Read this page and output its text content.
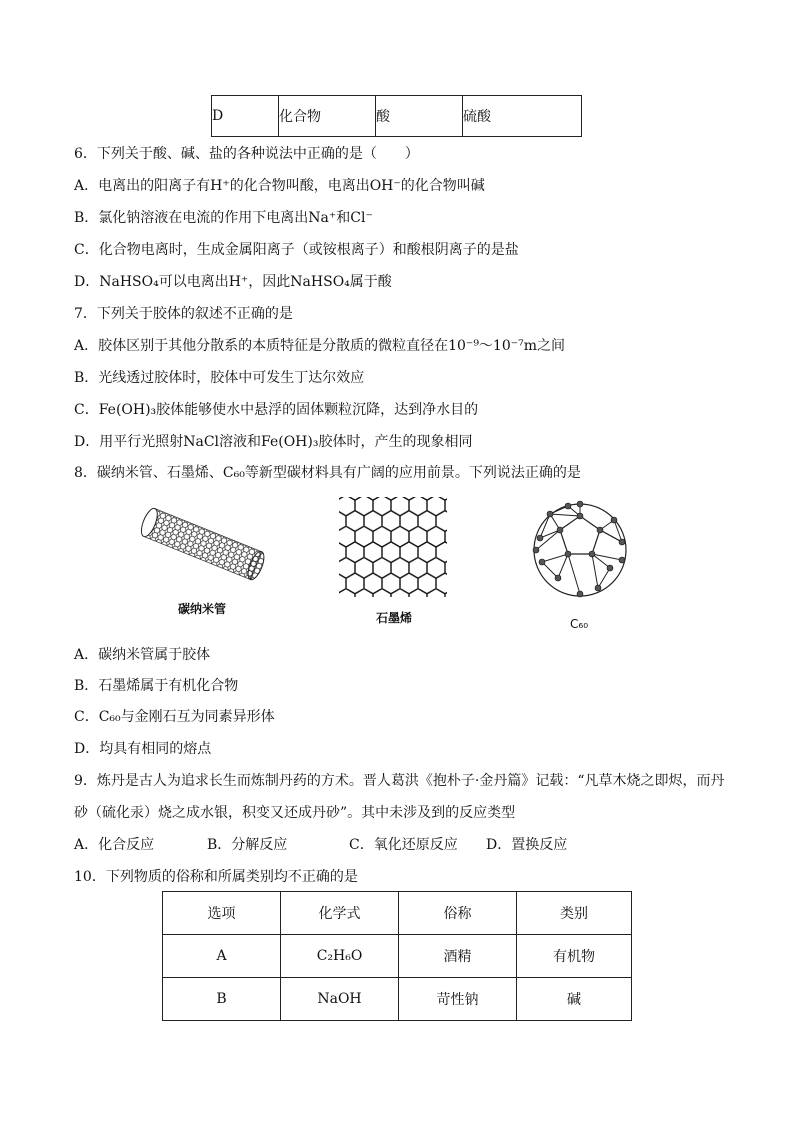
D	化合物	酸	硫酸
6．下列关于酸、碱、盐的各种说法中正确的是（　　）
A．电离出的阳离子有H⁺的化合物叫酸，电离出OH⁻的化合物叫碱
B．氯化钠溶液在电流的作用下电离出Na⁺和Cl⁻
C．化合物电离时，生成金属阳离子（或铵根离子）和酸根阴离子的是盐
D．NaHSO₄可以电离出H⁺，因此NaHSO₄属于酸
7．下列关于胶体的叙述不正确的是
A．胶体区别于其他分散系的本质特征是分散质的微粒直径在10⁻⁹～10⁻⁷m之间
B．光线透过胶体时，胶体中可发生丁达尔效应
C．Fe(OH)₃胶体能够使水中悬浮的固体颗粒沉降，达到净水目的
D．用平行光照射NaCl溶液和Fe(OH)₃胶体时，产生的现象相同
8．碳纳米管、石墨烯、C₆₀等新型碳材料具有广阔的应用前景。下列说法正确的是
碳纳米管
石墨烯	C₆₀
A．碳纳米管属于胶体
B．石墨烯属于有机化合物
C．C₆₀与金刚石互为同素异形体
D．均具有相同的熔点
9．炼丹是古人为追求长生而炼制丹药的方术。晋人葛洪《抱朴子·金丹篇》记载：“凡草木烧之即烬，而丹
砂（硫化汞）烧之成水银，积变又还成丹砂”。其中未涉及到的反应类型
A．化合反应	B．分解反应	C．氧化还原反应 D．置换反应
10．下列物质的俗称和所属类别均不正确的是
选项	化学式	俗称	类别
A	C₂H₆O	酒精	有机物
B	NaOH	苛性钠	碱
